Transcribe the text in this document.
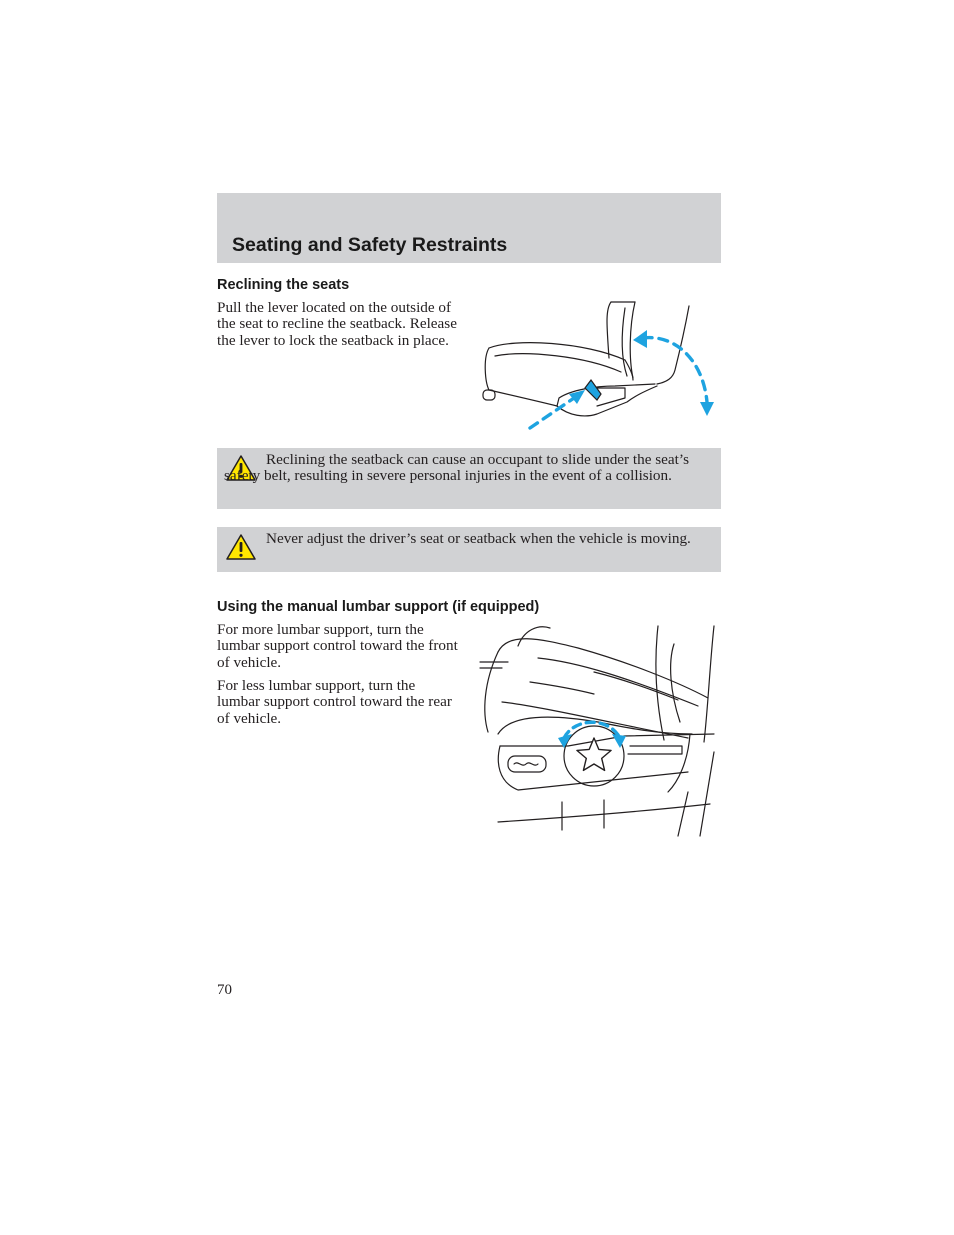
Seating and Safety Restraints
Reclining the seats

Pull the lever located on the outside of the seat to recline the seatback. Release the lever to lock the seatback in place.

Reclining the seatback can cause an occupant to slide under the seat’s safety belt, resulting in severe personal injuries in the event of a collision.

Never adjust the driver’s seat or seatback when the vehicle is moving.

Using the manual lumbar support (if equipped)

For more lumbar support, turn the lumbar support control toward the front of vehicle.

For less lumbar support, turn the lumbar support control toward the rear of vehicle.

70
